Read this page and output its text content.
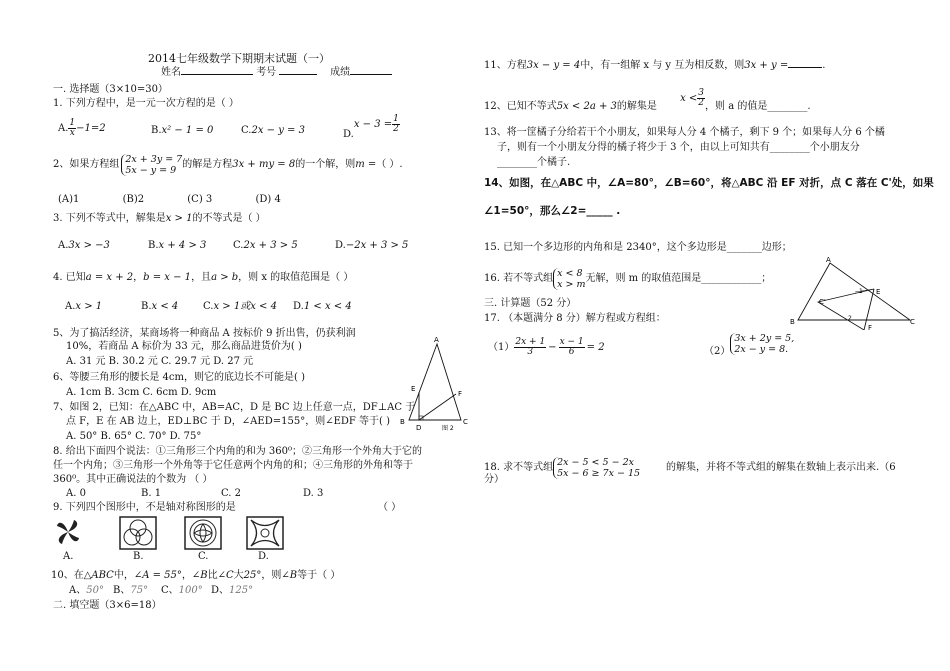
2014七年级数学下期期末试题（一）
姓名	考号	成绩
一. 选择题（3×10=30）
1. 下列方程中，是一元一次方程的是（ ）
A. $\frac{1}{x} -1=2$	B.x² − 1 = 0	C.2x − y = 3	$D.x - 3 = \frac{1}{2}$
2、如果方程组 2x + 3y = 7
5x − y = 9 的解是方程3x + my = 8的一个解，则m =（ ）.
(A)1	(B)2	(C) 3	(D) 4
3. 下列不等式中，解集是x > 1的不等式是（ ）
A.3x > −3	B.x + 4 > 3	C.2x + 3 > 5	D.−2x + 3 > 5
4. 已知a = x + 2，b = x − 1，且a > b，则 x 的取值范围是（ ）
A.x > 1	B.x < 4 C.x > 1或x < 4 D.1 < x < 4
5、为了搞活经济，某商场将一种商品 A 按标价 9 折出售，仍获利润
10%，若商品 A 标价为 33 元，那么商品进货价为( )
A. 31 元 B. 30.2 元 C. 29.7 元 D. 27 元
6、等腰三角形的腰长是 4cm，则它的底边长不可能是( )
A. 1cm B. 3cm C. 6cm D. 9cm
7、如图 2，已知：在△ABC 中，AB=AC，D 是 BC 边上任意一点，DF⊥AC 于
点 F，E 在 AB 边上，ED⊥BC 于 D，∠AED=155°，则∠EDF 等于( )
A. 50° B. 65° C. 70° D. 75°
8. 给出下面四个说法：①三角形三个内角的和为 360⁰；②三角形一个外角大于它的
任一个内角；③三角形一个外角等于它任意两个内角的和；④三角形的外角和等于
360⁰。其中正确说法的个数为 （ ）
A. 0	B. 1	C. 2	D. 3
9. 下列四个图形中，不是轴对称图形的是	（ ）
A.	B.	C.	D.
10、在△ABC中，∠A = 55°，∠B比∠C大25°，则∠B等于（ ）
A、50° B、75° C、100° D、125°
二. 填空题（3×6=18）
A
B	C
D
E
F
图 2
11、方程3x − y = 4中，有一组解 x 与 y 互为相反数，则3x + y =	.
12、已知不等式5x < 2a + 3的解集是 $x < \frac{3}{2}$ ，则 a 的值是________.
13、将一筐橘子分给若干个小朋友，如果每人分 4 个橘子，剩下 9 个；如果每人分 6 个橘
子，则有一个小朋友分得的橘子将少于 3 个，由以上可知共有________个小朋友分
________个橘子.
14、如图，在△ABC 中，∠A=80°，∠B=60°，将△ABC 沿 EF 对折，点 C 落在 C'处，如果
∠1=50°，那么∠2=_____ .
15. 已知一个多边形的内角和是 2340°，这个多边形是_______边形；
16. 若不等式组 x < 8
x > m 无解，则 m 的取值范围是____________；
三. 计算题（52 分）
17. （本题满分 8 分）解方程或方程组：
$(1) \frac{2x + 1}{3} - \frac{x - 1}{6} = 2$	（2）
3x + 2y = 5,
2x − y = 8.
18. 求不等式组 2x − 5 < 5 − 2x
5x − 6 ≥ 7x − 15	的解集，并将不等式组的解集在数轴上表示出来.（6
分）
A
B	C
C'
E
F
1
2
